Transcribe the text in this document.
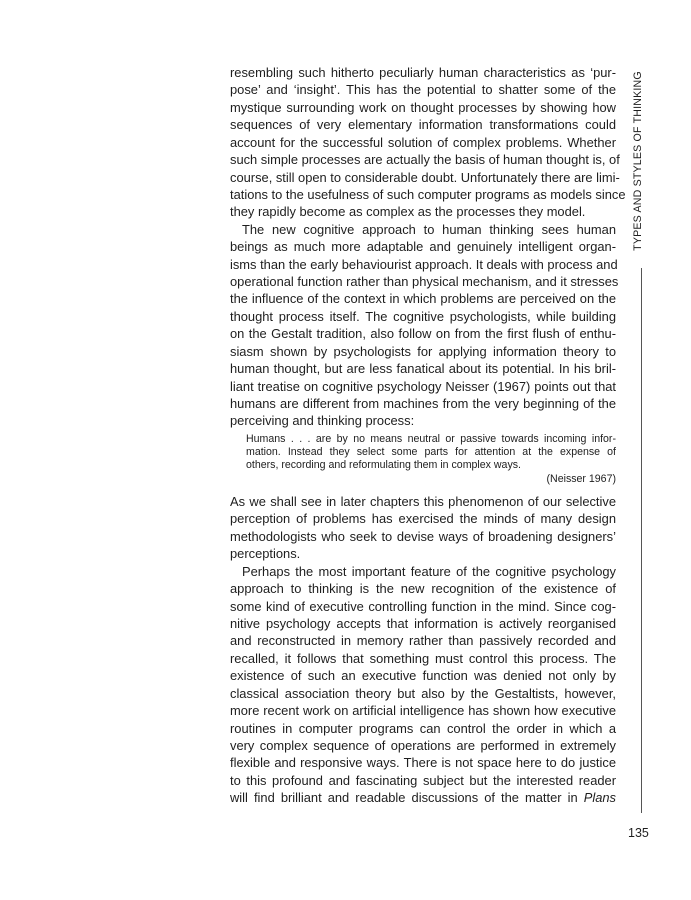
resembling such hitherto peculiarly human characteristics as ‘pur-
pose’ and ‘insight’. This has the potential to shatter some of the
mystique surrounding work on thought processes by showing how
sequences of very elementary information transformations could
account for the successful solution of complex problems. Whether
such simple processes are actually the basis of human thought is, of
course, still open to considerable doubt. Unfortunately there are limi-
tations to the usefulness of such computer programs as models since
they rapidly become as complex as the processes they model.
The new cognitive approach to human thinking sees human
beings as much more adaptable and genuinely intelligent organ-
isms than the early behaviourist approach. It deals with process and
operational function rather than physical mechanism, and it stresses
the influence of the context in which problems are perceived on the
thought process itself. The cognitive psychologists, while building
on the Gestalt tradition, also follow on from the first flush of enthu-
siasm shown by psychologists for applying information theory to
human thought, but are less fanatical about its potential. In his bril-
liant treatise on cognitive psychology Neisser (1967) points out that
humans are different from machines from the very beginning of the
perceiving and thinking process:
Humans . . . are by no means neutral or passive towards incoming infor-
mation. Instead they select some parts for attention at the expense of
others, recording and reformulating them in complex ways.
(Neisser 1967)
As we shall see in later chapters this phenomenon of our selective
perception of problems has exercised the minds of many design
methodologists who seek to devise ways of broadening designers’
perceptions.
Perhaps the most important feature of the cognitive psychology
approach to thinking is the new recognition of the existence of
some kind of executive controlling function in the mind. Since cog-
nitive psychology accepts that information is actively reorganised
and reconstructed in memory rather than passively recorded and
recalled, it follows that something must control this process. The
existence of such an executive function was denied not only by
classical association theory but also by the Gestaltists, however,
more recent work on artificial intelligence has shown how executive
routines in computer programs can control the order in which a
very complex sequence of operations are performed in extremely
flexible and responsive ways. There is not space here to do justice
to this profound and fascinating subject but the interested reader
will find brilliant and readable discussions of the matter in Plans
TYPES AND STYLES OF THINKING
135
